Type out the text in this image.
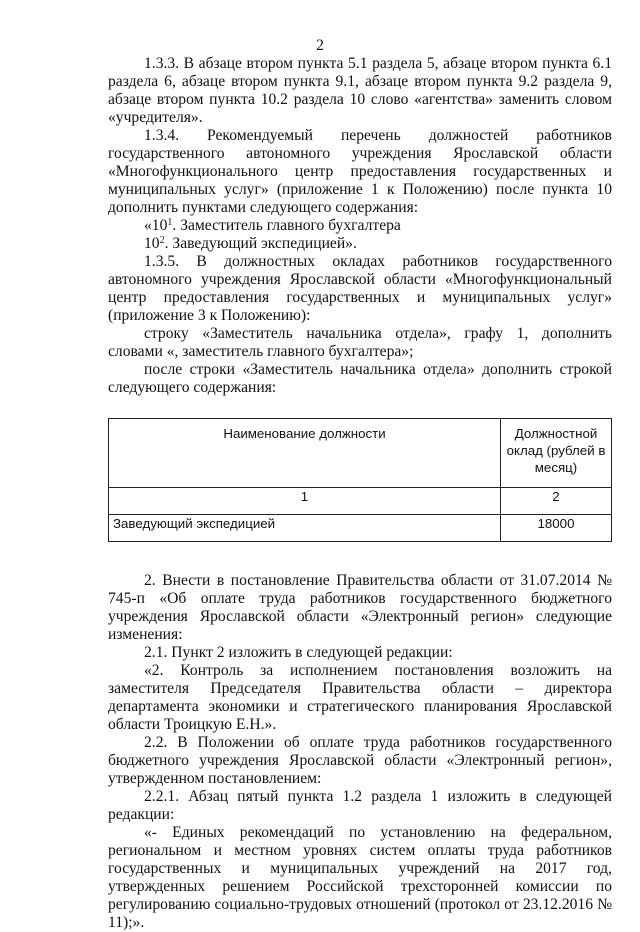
2

1.3.3. В абзаце втором пункта 5.1 раздела 5, абзаце втором пункта 6.1 раздела 6, абзаце втором пункта 9.1, абзаце втором пункта 9.2 раздела 9, абзаце втором пункта 10.2 раздела 10 слово «агентства» заменить словом «учредителя».

1.3.4. Рекомендуемый перечень должностей работников государственного автономного учреждения Ярославской области «Многофункционального центр предоставления государственных и муниципальных услуг» (приложение 1 к Положению) после пункта 10 дополнить пунктами следующего содержания:

«$10^1$. Заместитель главного бухгалтера

$10^2$. Заведующий экспедицией».

1.3.5. В должностных окладах работников государственного автономного учреждения Ярославской области «Многофункциональный центр предоставления государственных и муниципальных услуг» (приложение 3 к Положению):

строку «Заместитель начальника отдела», графу 1, дополнить словами «, заместитель главного бухгалтера»;

после строки «Заместитель начальника отдела» дополнить строкой следующего содержания:

Наименование должности	Должностной оклад (рублей в месяц)
1	2
Заведующий экспедицией	18000

2. Внести в постановление Правительства области от 31.07.2014 № 745-п «Об оплате труда работников государственного бюджетного учреждения Ярославской области «Электронный регион» следующие изменения:

2.1. Пункт 2 изложить в следующей редакции:

«2. Контроль за исполнением постановления возложить на заместителя Председателя Правительства области – директора департамента экономики и стратегического планирования Ярославской области Троицкую Е.Н.».

2.2. В Положении об оплате труда работников государственного бюджетного учреждения Ярославской области «Электронный регион», утвержденном постановлением:

2.2.1. Абзац пятый пункта 1.2 раздела 1 изложить в следующей редакции:

«- Единых рекомендаций по установлению на федеральном, региональном и местном уровнях систем оплаты труда работников государственных и муниципальных учреждений на 2017 год, утвержденных решением Российской трехсторонней комиссии по регулированию социально-трудовых отношений (протокол от 23.12.2016 № 11);».
